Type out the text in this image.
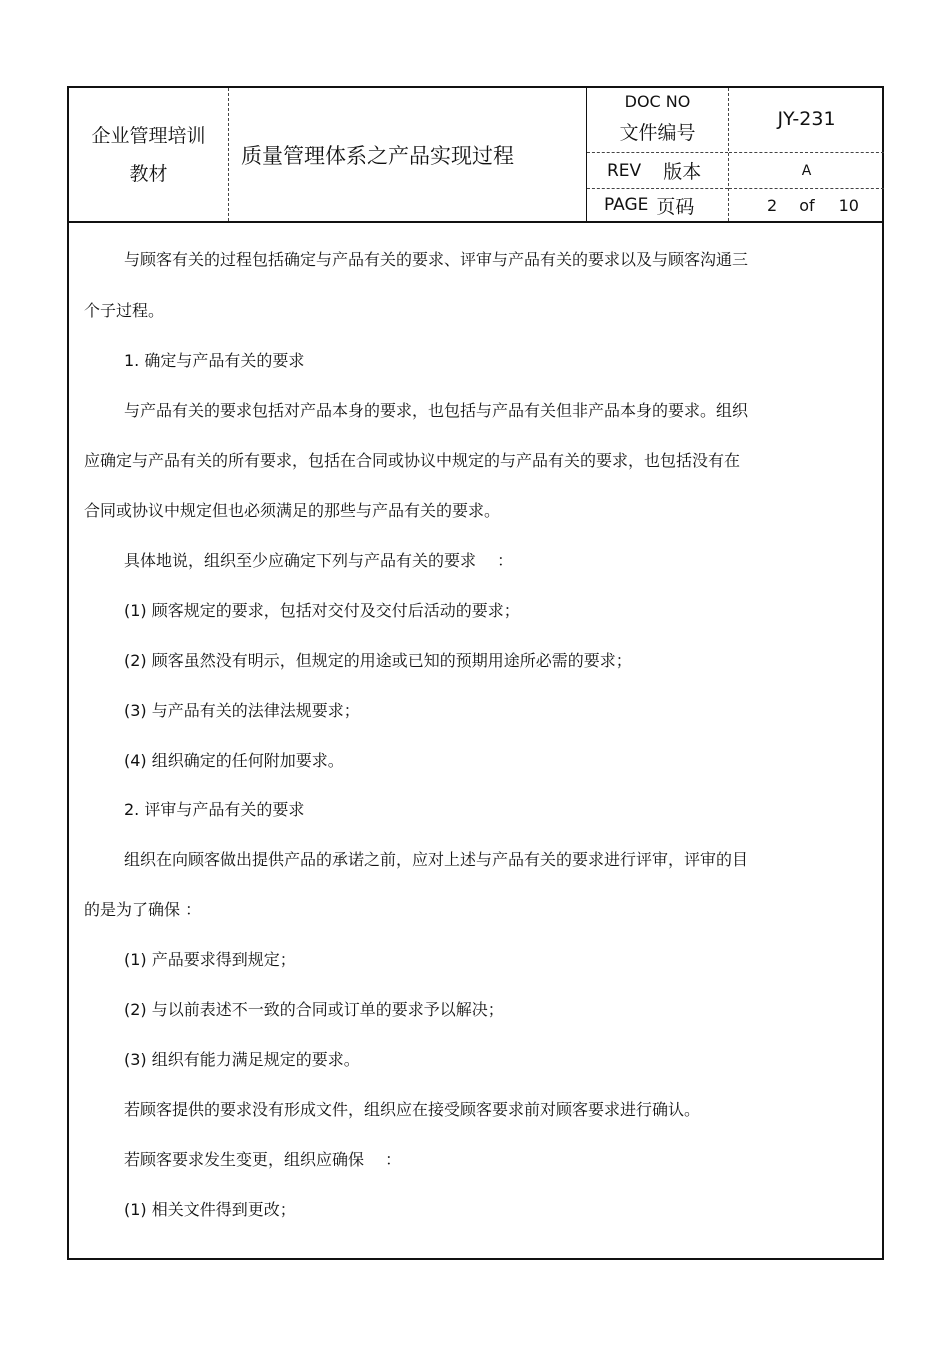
企业管理培训
教材
质量管理体系之产品实现过程
DOC NO
文件编号
REV 版本
PAGE 页码
JY-231
A
2 of 10
与顾客有关的过程包括确定与产品有关的要求、评审与产品有关的要求以及与顾客沟通三
个子过程。
1. 确定与产品有关的要求
与产品有关的要求包括对产品本身的要求，也包括与产品有关但非产品本身的要求。组织
应确定与产品有关的所有要求，包括在合同或协议中规定的与产品有关的要求，也包括没有在
合同或协议中规定但也必须满足的那些与产品有关的要求。
具体地说，组织至少应确定下列与产品有关的要求　 ：
(1) 顾客规定的要求，包括对交付及交付后活动的要求；
(2) 顾客虽然没有明示，但规定的用途或已知的预期用途所必需的要求；
(3) 与产品有关的法律法规要求；
(4) 组织确定的任何附加要求。
2. 评审与产品有关的要求
组织在向顾客做出提供产品的承诺之前，应对上述与产品有关的要求进行评审，评审的目
的是为了确保 ：
(1) 产品要求得到规定；
(2) 与以前表述不一致的合同或订单的要求予以解决；
(3) 组织有能力满足规定的要求。
若顾客提供的要求没有形成文件，组织应在接受顾客要求前对顾客要求进行确认。
若顾客要求发生变更，组织应确保　 ：
(1) 相关文件得到更改；
